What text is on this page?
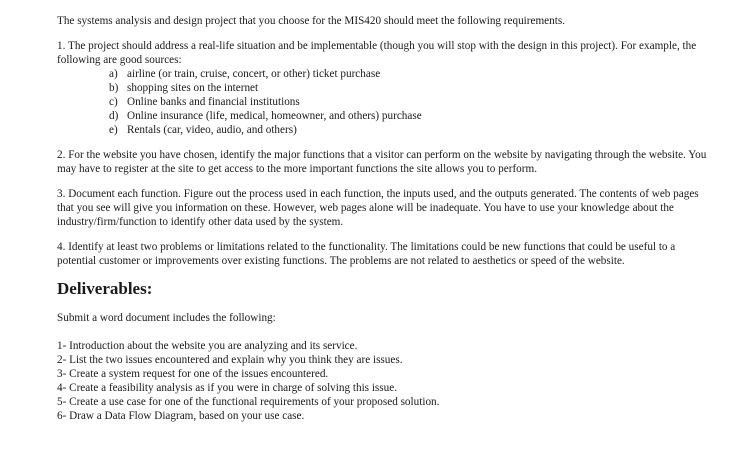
The systems analysis and design project that you choose for the MIS420 should meet the following requirements.

1. The project should address a real-life situation and be implementable (though you will stop with the design in this project). For example, the following are good sources:

a) airline (or train, cruise, concert, or other) ticket purchase
b) shopping sites on the internet
c) Online banks and financial institutions
d) Online insurance (life, medical, homeowner, and others) purchase
e) Rentals (car, video, audio, and others)

2. For the website you have chosen, identify the major functions that a visitor can perform on the website by navigating through the website. You may have to register at the site to get access to the more important functions the site allows you to perform.

3. Document each function. Figure out the process used in each function, the inputs used, and the outputs generated. The contents of web pages that you see will give you information on these. However, web pages alone will be inadequate. You have to use your knowledge about the industry/firm/function to identify other data used by the system.

4. Identify at least two problems or limitations related to the functionality. The limitations could be new functions that could be useful to a potential customer or improvements over existing functions. The problems are not related to aesthetics or speed of the website.

Deliverables:

Submit a word document includes the following:

1- Introduction about the website you are analyzing and its service.
2- List the two issues encountered and explain why you think they are issues.
3- Create a system request for one of the issues encountered.
4- Create a feasibility analysis as if you were in charge of solving this issue.
5- Create a use case for one of the functional requirements of your proposed solution.
6- Draw a Data Flow Diagram, based on your use case.
